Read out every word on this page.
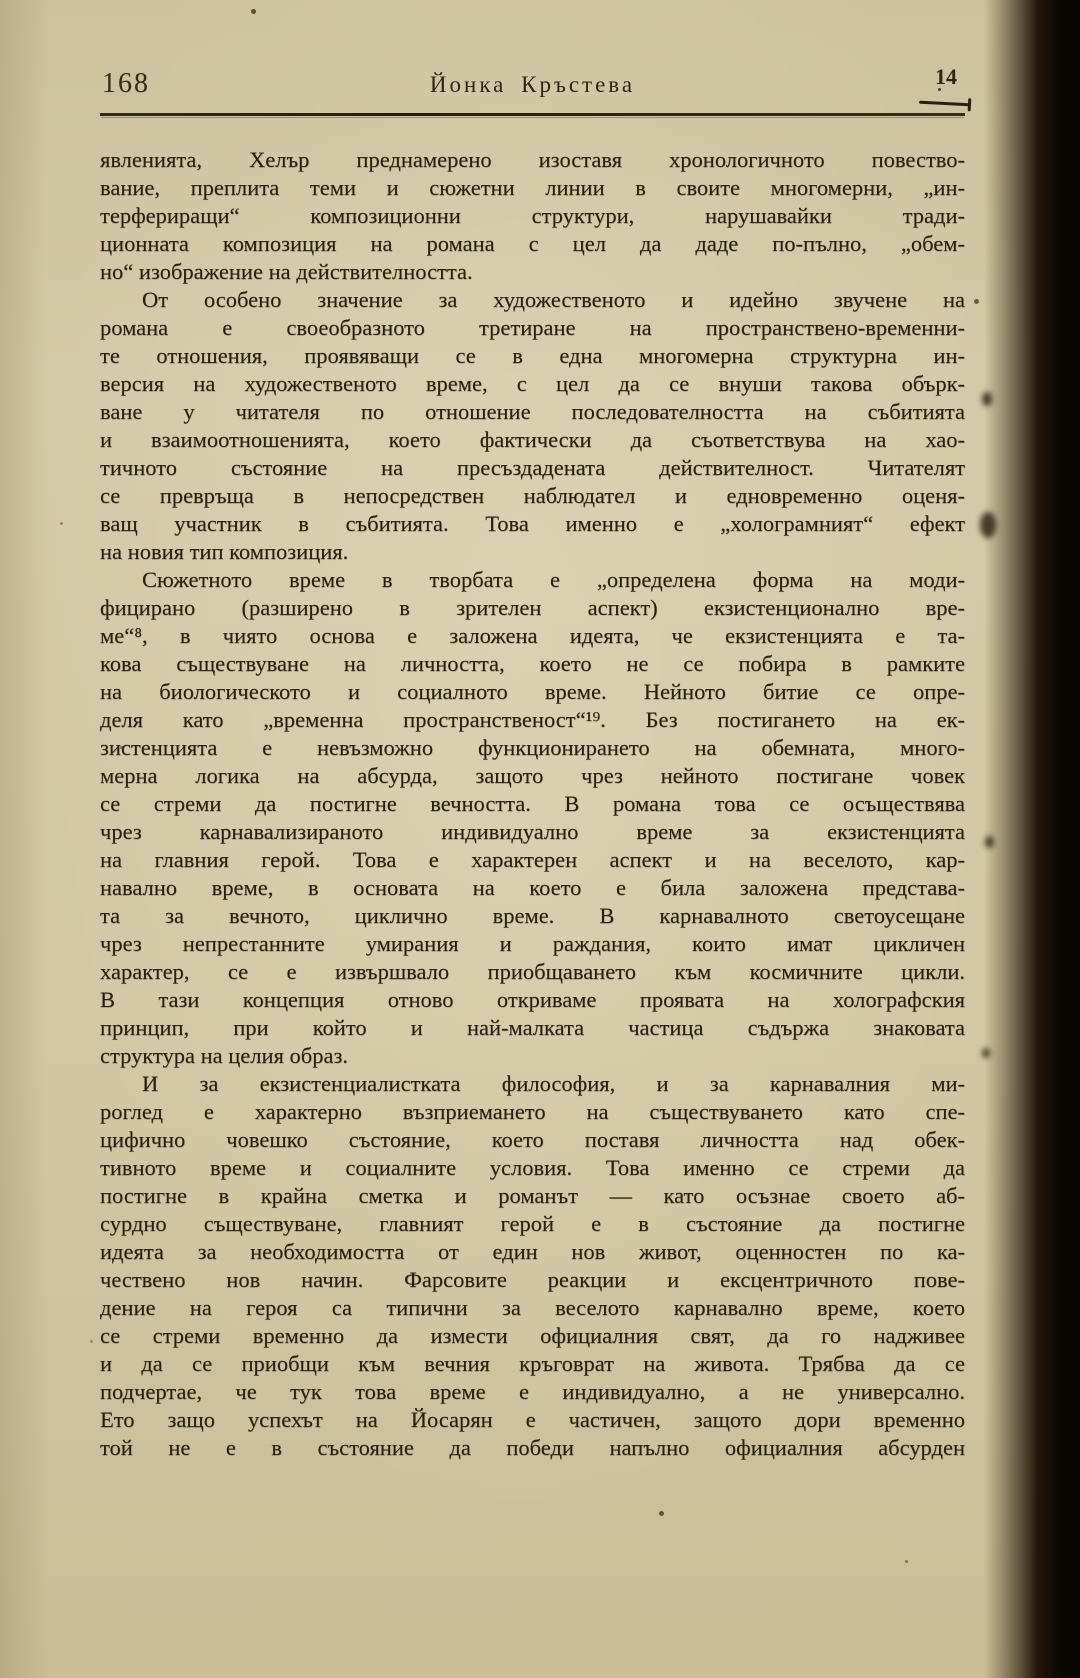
168	Йонка Кръстева	14
явленията, Хелър преднамерено изоставя хронологичното повество-
вание, преплита теми и сюжетни линии в своите многомерни, „ин-
терфериращи“ композиционни структури, нарушавайки тради-
ционната композиция на романа с цел да даде по-пълно, „обем-
но“ изображение на действителността.
От особено значение за художественото и идейно звучене на
романа е своеобразното третиране на пространствено-временни-
те отношения, проявяващи се в една многомерна структурна ин-
версия на художественото време, с цел да се внуши такова обърк-
ване у читателя по отношение последователността на събитията
и взаимоотношенията, което фактически да съответствува на хао-
тичното състояние на пресъздадената действителност. Читателят
се превръща в непосредствен наблюдател и едновременно оценя-
ващ участник в събитията. Това именно е „холограмният“ ефект
на новия тип композиция.
Сюжетното време в творбата е „определена форма на моди-
фицирано (разширено в зрителен аспект) екзистенционално вре-
ме“⁸, в чиято основа е заложена идеята, че екзистенцията е та-
кова съществуване на личността, което не се побира в рамките
на биологическото и социалното време. Нейното битие се опре-
деля като „временна пространственост“¹⁹. Без постигането на ек-
зистенцията е невъзможно функционирането на обемната, много-
мерна логика на абсурда, защото чрез нейното постигане човек
се стреми да постигне вечността. В романа това се осъществява
чрез карнавализираното индивидуално време за екзистенцията
на главния герой. Това е характерен аспект и на веселото, кар-
навално време, в основата на което е била заложена представа-
та за вечното, циклично време. В карнавалното светоусещане
чрез непрестанните умирания и раждания, които имат цикличен
характер, се е извършвало приобщаването към космичните цикли.
В тази концепция отново откриваме проявата на холографския
принцип, при който и най-малката частица съдържа знаковата
структура на целия образ.
И за екзистенциалистката философия, и за карнавалния ми-
роглед е характерно възприемането на съществуването като спе-
цифично човешко състояние, което поставя личността над обек-
тивното време и социалните условия. Това именно се стреми да
постигне в крайна сметка и романът — като осъзнае своето аб-
сурдно съществуване, главният герой е в състояние да постигне
идеята за необходимостта от един нов живот, оценностен по ка-
чествено нов начин. Фарсовите реакции и ексцентричното пове-
дение на героя са типични за веселото карнавално време, което
се стреми временно да измести официалния свят, да го надживее
и да се приобщи към вечния кръговрат на живота. Трябва да се
подчертае, че тук това време е индивидуално, а не универсално.
Ето защо успехът на Йосарян е частичен, защото дори временно
той не е в състояние да победи напълно официалния абсурден
